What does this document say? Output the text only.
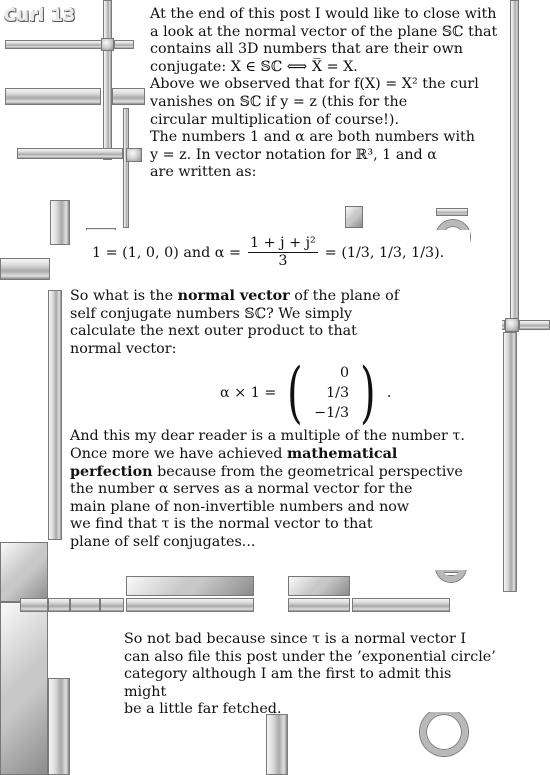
Curl 13	At the end of this post I would like to close with

a look at the normal vector of the plane 𝕊ℂ that

contains all 3D numbers that are their own

conjugate: X ∈ 𝕊ℂ ⟺ X̅ = X.

Above we observed that for f(X) = X² the curl

vanishes on 𝕊ℂ if y = z (this for the

circular multiplication of course!).

The numbers 1 and α are both numbers with

y = z. In vector notation for ℝ³, 1 and α

are written as:

1 = (1, 0, 0) and $\alpha = \frac{\text{1 + j + j²}}{3} = (1/3$, 1/3, 1/3).

So what is the normal vector of the plane of

self conjugate numbers 𝕊ℂ? We simply

calculate the next outer product to that

normal vector:

And this my dear reader is a multiple of the number τ.

Once more we have achieved mathematical

perfection because from the geometrical perspective

the number α serves as a normal vector for the

main plane of non-invertible numbers and now

we find that τ is the normal vector to that

plane of self conjugates...

α × 1 = (	0
1/3
−1/3 ) .

So not bad because since τ is a normal vector I

can also file this post under the ’exponential circle’

category although I am the first to admit this might

be a little far fetched.
